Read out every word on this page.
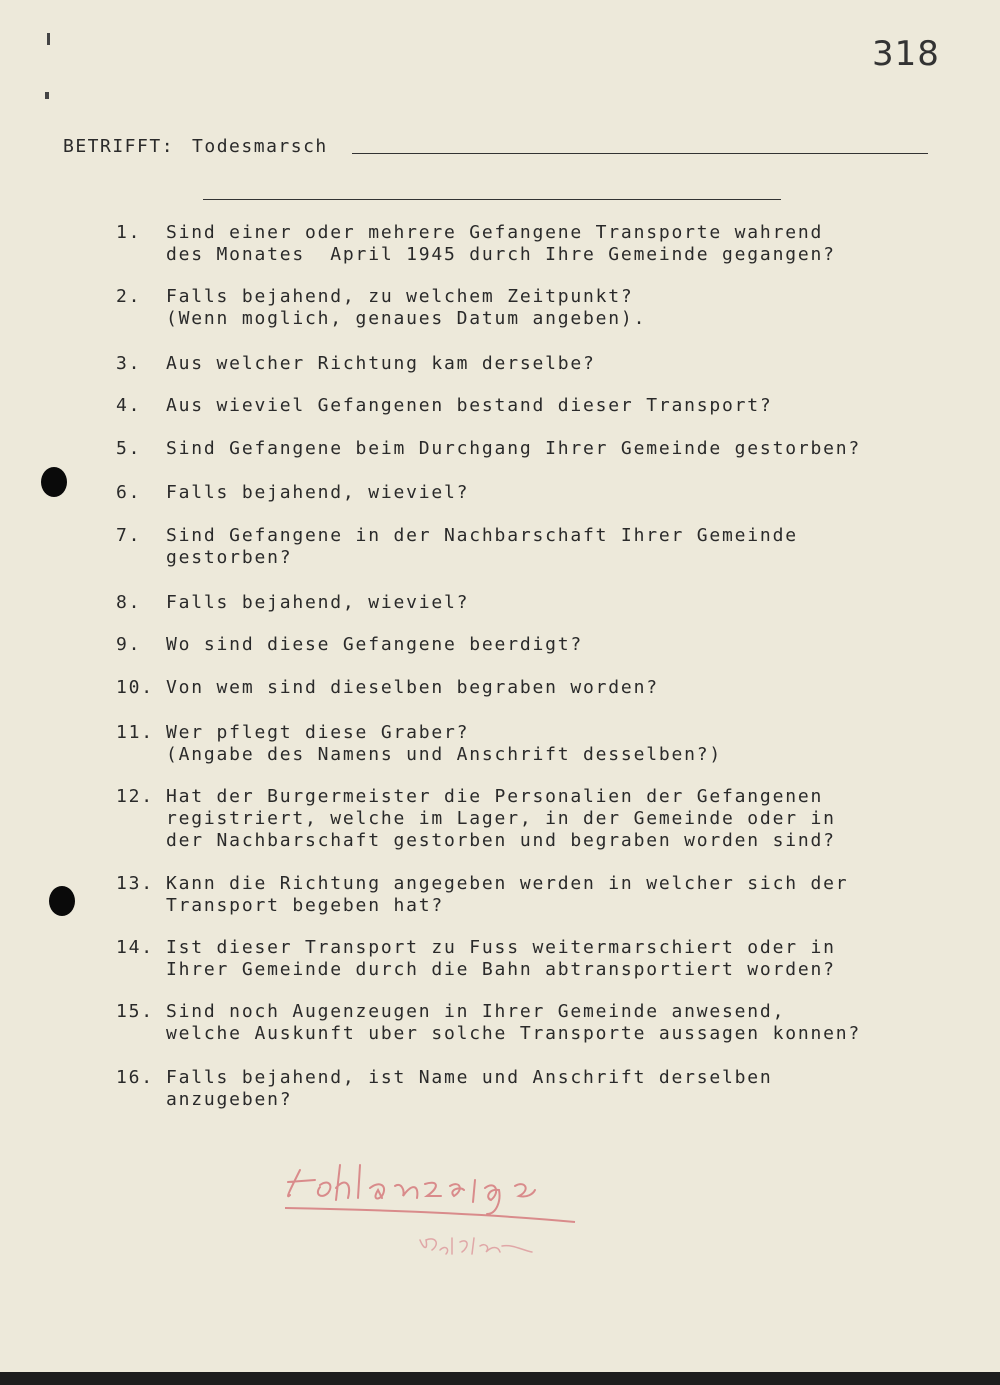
318
BETRIFFT: Todesmarsch
1. Sind einer oder mehrere Gefangene Transporte wahrend
des Monates  April 1945 durch Ihre Gemeinde gegangen?
2. Falls bejahend, zu welchem Zeitpunkt?
(Wenn moglich, genaues Datum angeben).
3. Aus welcher Richtung kam derselbe?
4. Aus wieviel Gefangenen bestand dieser Transport?
5. Sind Gefangene beim Durchgang Ihrer Gemeinde gestorben?
6. Falls bejahend, wieviel?
7. Sind Gefangene in der Nachbarschaft Ihrer Gemeinde
gestorben?
8. Falls bejahend, wieviel?
9. Wo sind diese Gefangene beerdigt?
10. Von wem sind dieselben begraben worden?
11. Wer pflegt diese Graber?
(Angabe des Namens und Anschrift desselben?)
12. Hat der Burgermeister die Personalien der Gefangenen
registriert, welche im Lager, in der Gemeinde oder in
der Nachbarschaft gestorben und begraben worden sind?
13. Kann die Richtung angegeben werden in welcher sich der
Transport begeben hat?
14. Ist dieser Transport zu Fuss weitermarschiert oder in
Ihrer Gemeinde durch die Bahn abtransportiert worden?
15. Sind noch Augenzeugen in Ihrer Gemeinde anwesend,
welche Auskunft uber solche Transporte aussagen konnen?
16. Falls bejahend, ist Name und Anschrift derselben
anzugeben?
